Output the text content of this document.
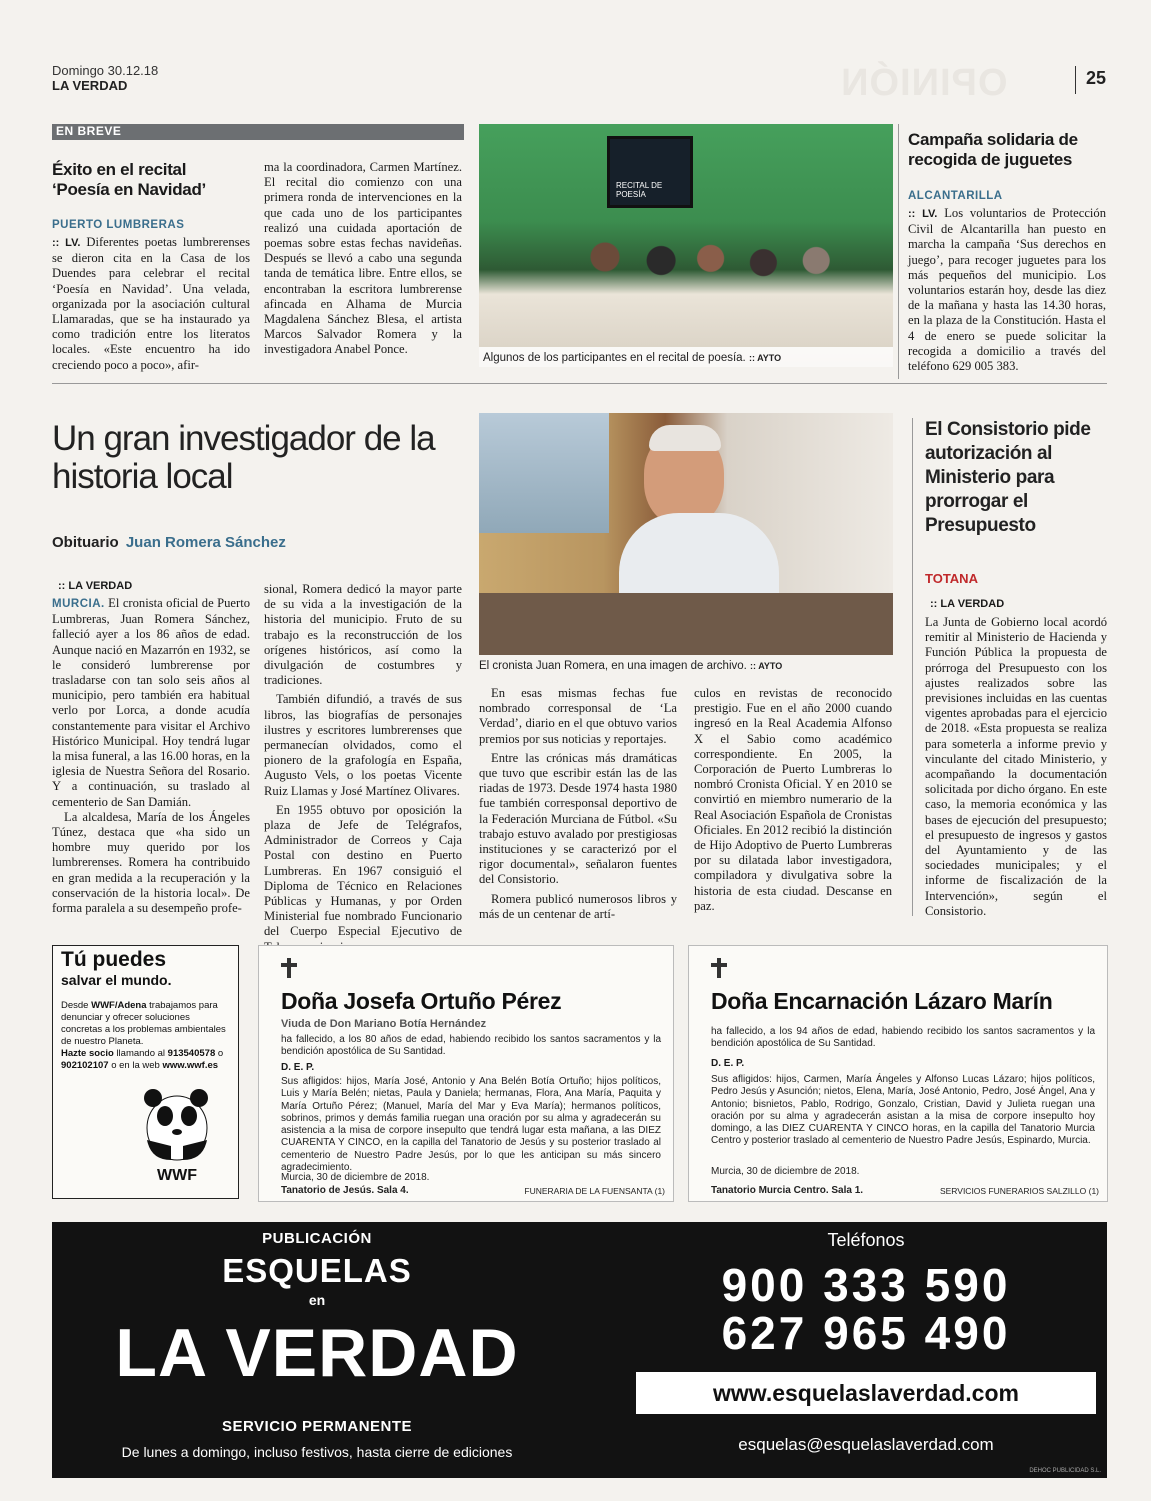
Domingo 30.12.18
LA VERDAD	OPINIÓN	25
EN BREVE
Éxito en el recital ‘Poesía en Navidad’
PUERTO LUMBRERAS
:: LV. Diferentes poetas lumbrerenses se dieron cita en la Casa de los Duendes para celebrar el recital ‘Poesía en Navidad’. Una velada, organizada por la asociación cultural Llamaradas, que se ha instaurado ya como tradición entre los literatos locales. «Este encuentro ha ido creciendo poco a poco», afir-
ma la coordinadora, Carmen Martínez. El recital dio comienzo con una primera ronda de intervenciones en la que cada uno de los participantes realizó una cuidada aportación de poemas sobre estas fechas navideñas. Después se llevó a cabo una segunda tanda de temática libre. Entre ellos, se encontraban la escritora lumbrerense afincada en Alhama de Murcia Magdalena Sánchez Blesa, el artista Marcos Salvador Romera y la investigadora Anabel Ponce.
RECITAL DE POESÍA
Algunos de los participantes en el recital de poesía. :: AYTO
Campaña solidaria de recogida de juguetes
ALCANTARILLA
:: LV. Los voluntarios de Protección Civil de Alcantarilla han puesto en marcha la campaña ‘Sus derechos en juego’, para recoger juguetes para los más pequeños del municipio. Los voluntarios estarán hoy, desde las diez de la mañana y hasta las 14.30 horas, en la plaza de la Constitución. Hasta el 4 de enero se puede solicitar la recogida a domicilio a través del teléfono 629 005 383.
Un gran investigador de la historia local
Obituario Juan Romera Sánchez
:: LA VERDAD

MURCIA. El cronista oficial de Puerto Lumbreras, Juan Romera Sánchez, falleció ayer a los 86 años de edad. Aunque nació en Mazarrón en 1932, se le consideró lumbrerense por trasladarse con tan solo seis años al municipio, pero también era habitual verlo por Lorca, a donde acudía constantemente para visitar el Archivo Histórico Municipal. Hoy tendrá lugar la misa funeral, a las 16.00 horas, en la iglesia de Nuestra Señora del Rosario. Y a continuación, su traslado al cementerio de San Damián.

La alcaldesa, María de los Ángeles Túnez, destaca que «ha sido un hombre muy querido por los lumbrerenses. Romera ha contribuido en gran medida a la recuperación y la conservación de la historia local». De forma paralela a su desempeño profe-

sional, Romera dedicó la mayor parte de su vida a la investigación de la historia del municipio. Fruto de su trabajo es la reconstrucción de los orígenes históricos, así como la divulgación de costumbres y tradiciones.

También difundió, a través de sus libros, las biografías de personajes ilustres y escritores lumbrerenses que permanecían olvidados, como el pionero de la grafología en España, Augusto Vels, o los poetas Vicente Ruiz Llamas y José Martínez Olivares.

En 1955 obtuvo por oposición la plaza de Jefe de Telégrafos, Administrador de Correos y Caja Postal con destino en Puerto Lumbreras. En 1967 consiguió el Diploma de Técnico en Relaciones Públicas y Humanas, y por Orden Ministerial fue nombrado Funcionario del Cuerpo Especial Ejecutivo de

En esas mismas fechas fue nombrado corresponsal de ‘La Verdad’, diario en el que obtuvo varios premios por sus noticias y reportajes.

Entre las crónicas más dramáticas que tuvo que escribir están las de las riadas de 1973. Desde 1974 hasta 1980 fue también corresponsal deportivo de la Federación Murciana de Fútbol. «Su trabajo estuvo avalado por prestigiosas instituciones y se caracterizó por el rigor documental», señalaron fuentes del Consistorio.

Romera publicó numerosos libros y más de un centenar de artí-

culos en revistas de reconocido prestigio. Fue en el año 2000 cuando ingresó en la Real Academia Alfonso X el Sabio como académico correspondiente. En 2005, la Corporación de Puerto Lumbreras lo nombró Cronista Oficial. Y en 2010 se convirtió en miembro numerario de la Real Asociación Española de Cronistas Oficiales. En 2012 recibió la distinción de Hijo Adoptivo de Puerto Lumbreras por su dilatada labor investigadora, compiladora y divulgativa sobre la historia de esta ciudad. Descanse en paz.

El cronista Juan Romera, en una imagen de archivo. :: AYTO
El Consistorio pide autorización al Ministerio para prorrogar el Presupuesto
TOTANA
:: LA VERDAD
La Junta de Gobierno local acordó remitir al Ministerio de Hacienda y Función Pública la propuesta de prórroga del Presupuesto con los ajustes realizados sobre las previsiones incluidas en las cuentas vigentes aprobadas para el ejercicio de 2018. «Esta propuesta se realiza para someterla a informe previo y vinculante del citado Ministerio, y acompañando la documentación solicitada por dicho órgano. En este caso, la memoria económica y las bases de ejecución del presupuesto; el presupuesto de ingresos y gastos del Ayuntamiento y de las sociedades municipales; y el informe de fiscalización de la Intervención», según el Consistorio.
Tú puedes
salvar el mundo.
Desde WWF/Adena trabajamos para denunciar y ofrecer soluciones concretas a los problemas ambientales de nuestro Planeta.
Hazte socio llamando al 913540578 o 902102107 o en la web www.wwf.es
WWF
Doña Josefa Ortuño Pérez
Viuda de Don Mariano Botía Hernández
ha fallecido, a los 80 años de edad, habiendo recibido los santos sacramentos y la bendición apostólica de Su Santidad.
D. E. P.
Sus afligidos: hijos, María José, Antonio y Ana Belén Botía Ortuño; hijos políticos, Luis y María Belén; nietas, Paula y Daniela; hermanas, Flora, Ana María, Paquita y María Ortuño Pérez; (Manuel, María del Mar y Eva María); hermanos políticos, sobrinos, primos y demás familia ruegan una oración por su alma y agradecerán su asistencia a la misa de corpore insepulto que tendrá lugar esta mañana, a las DIEZ CUARENTA Y CINCO, en la capilla del Tanatorio de Jesús y su posterior traslado al cementerio de Nuestro Padre Jesús, por lo que les anticipan su más sincero agradecimiento.
Murcia, 30 de diciembre de 2018.
Tanatorio de Jesús. Sala 4.	FUNERARIA DE LA FUENSANTA (1)
Doña Encarnación Lázaro Marín
ha fallecido, a los 94 años de edad, habiendo recibido los santos sacramentos y la bendición apostólica de Su Santidad.
D. E. P.
Sus afligidos: hijos, Carmen, María Ángeles y Alfonso Lucas Lázaro; hijos políticos, Pedro Jesús y Asunción; nietos, Elena, María, José Antonio, Pedro, José Ángel, Ana y Antonio; bisnietos, Pablo, Rodrigo, Gonzalo, Cristian, David y Julieta ruegan una oración por su alma y agradecerán asistan a la misa de corpore insepulto hoy domingo, a las DIEZ CUARENTA Y CINCO horas, en la capilla del Tanatorio Murcia Centro y posterior traslado al cementerio de Nuestro Padre Jesús, Espinardo, Murcia.
Murcia, 30 de diciembre de 2018.
Tanatorio Murcia Centro. Sala 1.	SERVICIOS FUNERARIOS SALZILLO (1)
PUBLICACIÓN
ESQUELAS
en
LA VERDAD
SERVICIO PERMANENTE
De lunes a domingo, incluso festivos, hasta cierre de ediciones
Teléfonos
900 333 590
627 965 490
www.esquelaslaverdad.com
esquelas@esquelaslaverdad.com
DEHOC PUBLICIDAD S.L.
